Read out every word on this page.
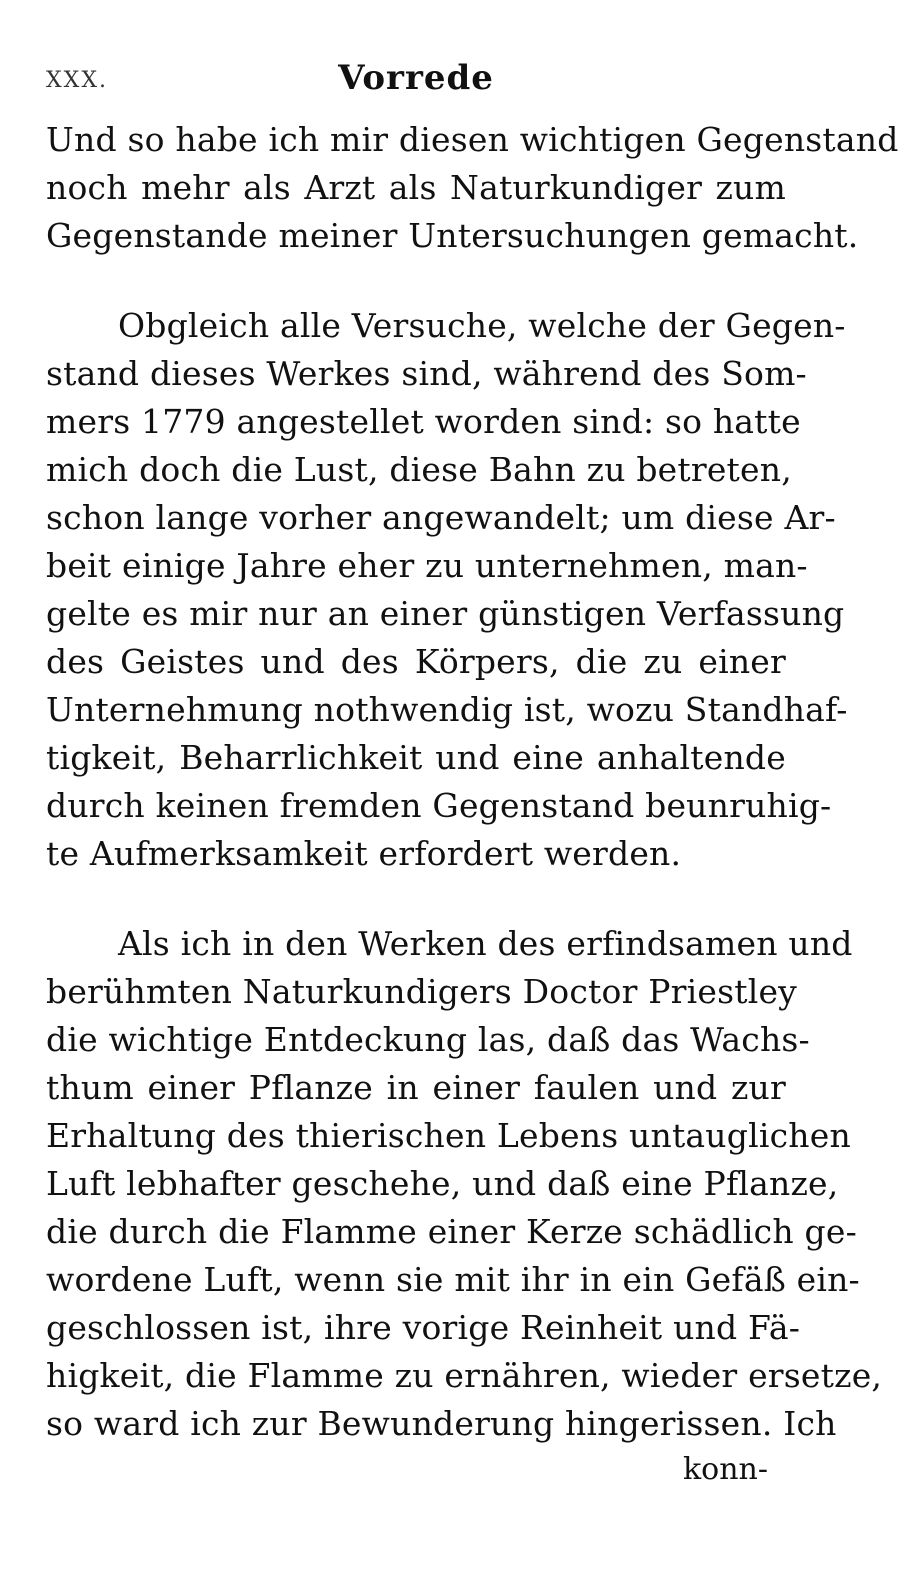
XXX.	Vorrede
Und so habe ich mir diesen wichtigen Gegenstand
noch mehr als Arzt als Naturkundiger zum
Gegenstande meiner Untersuchungen gemacht.
Obgleich alle Versuche, welche der Gegen-
stand dieses Werkes sind, während des Som-
mers 1779 angestellet worden sind: so hatte
mich doch die Lust, diese Bahn zu betreten,
schon lange vorher angewandelt; um diese Ar-
beit einige Jahre eher zu unternehmen, man-
gelte es mir nur an einer günstigen Verfassung
des Geistes und des Körpers, die zu einer
Unternehmung nothwendig ist, wozu Standhaf-
tigkeit, Beharrlichkeit und eine anhaltende
durch keinen fremden Gegenstand beunruhig-
te Aufmerksamkeit erfordert werden.
Als ich in den Werken des erfindsamen und
berühmten Naturkundigers Doctor Priestley
die wichtige Entdeckung las, daß das Wachs-
thum einer Pflanze in einer faulen und zur
Erhaltung des thierischen Lebens untauglichen
Luft lebhafter geschehe, und daß eine Pflanze,
die durch die Flamme einer Kerze schädlich ge-
wordene Luft, wenn sie mit ihr in ein Gefäß ein-
geschlossen ist, ihre vorige Reinheit und Fä-
higkeit, die Flamme zu ernähren, wieder ersetze,
so ward ich zur Bewunderung hingerissen. Ich
konn-
